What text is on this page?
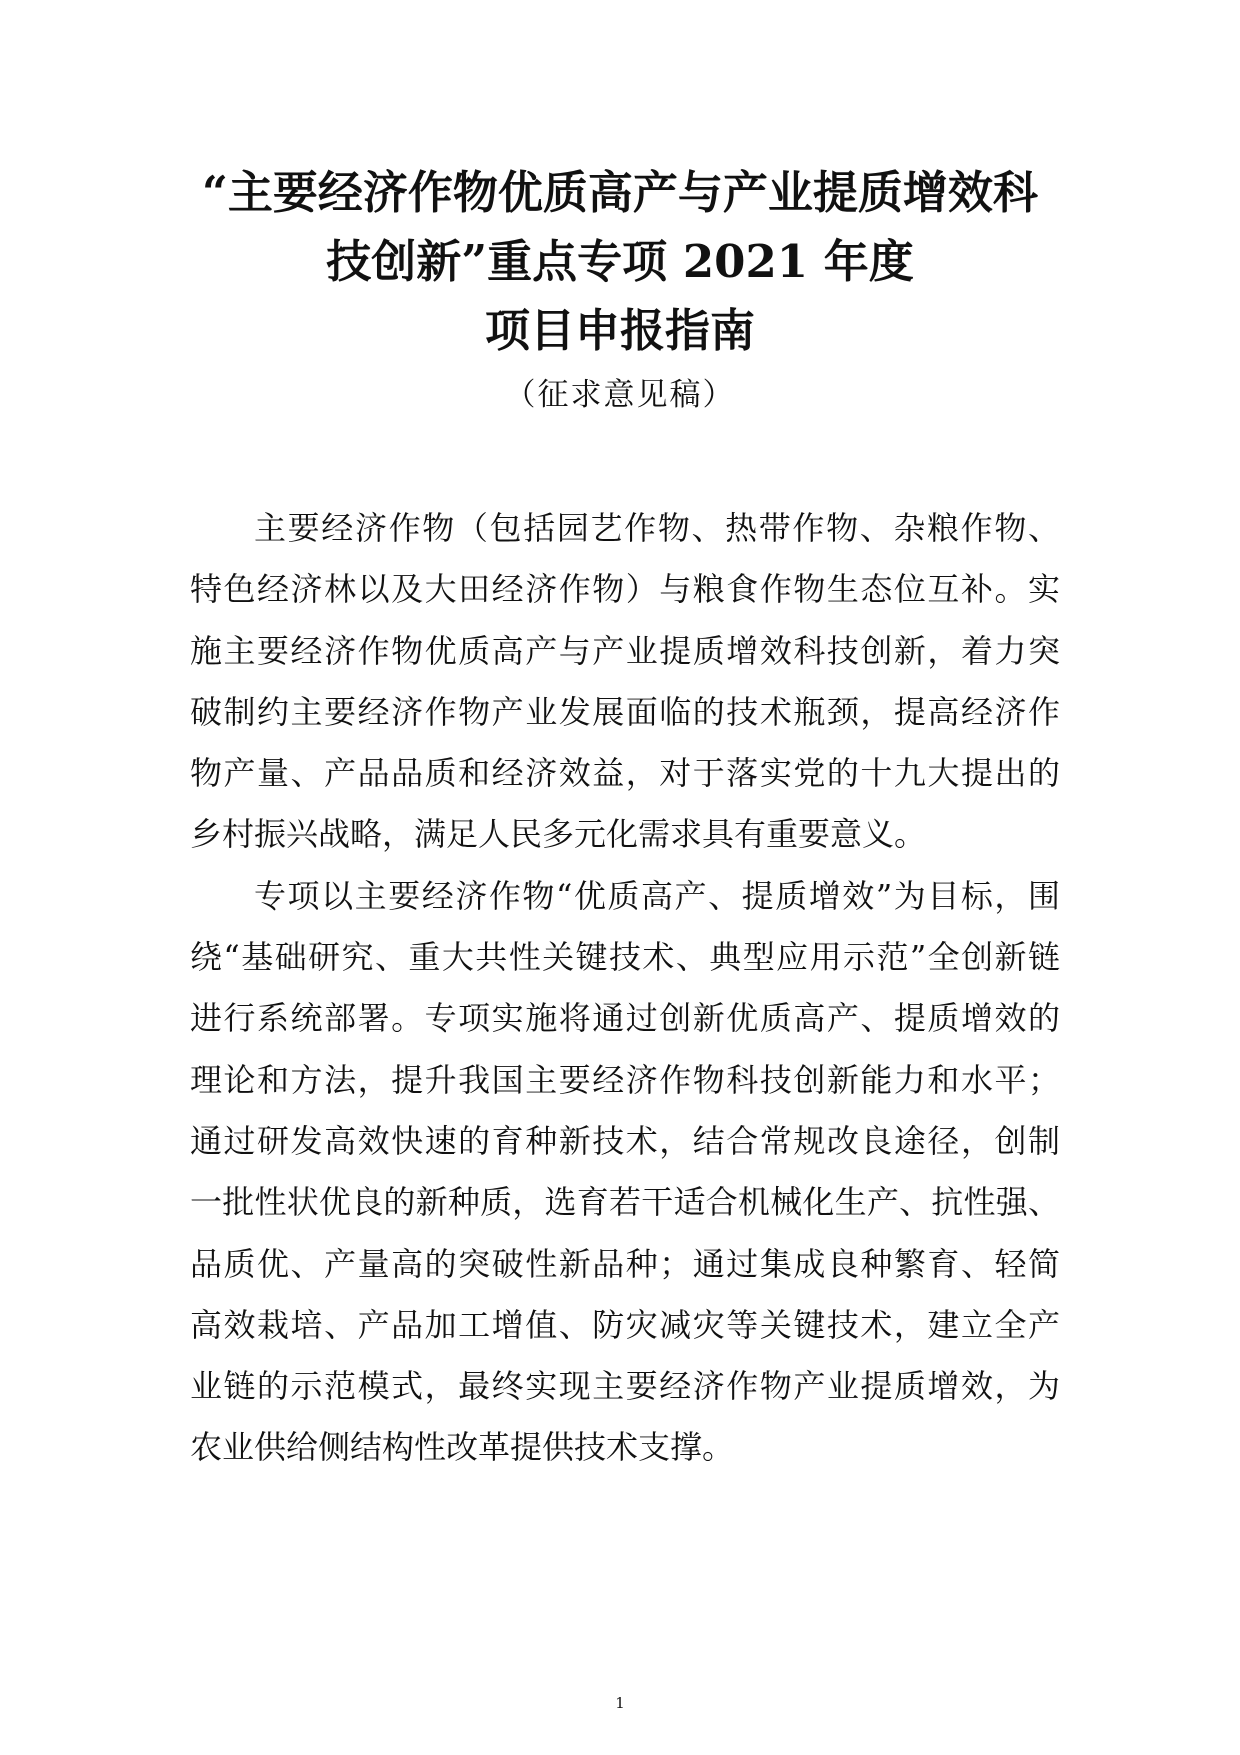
“主要经济作物优质高产与产业提质增效科
技创新”重点专项 2021 年度
项目申报指南
（征求意见稿）

主要经济作物（包括园艺作物、热带作物、杂粮作物、
特色经济林以及大田经济作物）与粮食作物生态位互补。实
施主要经济作物优质高产与产业提质增效科技创新，着力突
破制约主要经济作物产业发展面临的技术瓶颈，提高经济作
物产量、产品品质和经济效益，对于落实党的十九大提出的
乡村振兴战略，满足人民多元化需求具有重要意义。

专项以主要经济作物“优质高产、提质增效”为目标，围
绕“基础研究、重大共性关键技术、典型应用示范”全创新链
进行系统部署。专项实施将通过创新优质高产、提质增效的
理论和方法，提升我国主要经济作物科技创新能力和水平；
通过研发高效快速的育种新技术，结合常规改良途径，创制
一批性状优良的新种质，选育若干适合机械化生产、抗性强、
品质优、产量高的突破性新品种；通过集成良种繁育、轻简
高效栽培、产品加工增值、防灾减灾等关键技术，建立全产
业链的示范模式，最终实现主要经济作物产业提质增效，为
农业供给侧结构性改革提供技术支撑。

1
